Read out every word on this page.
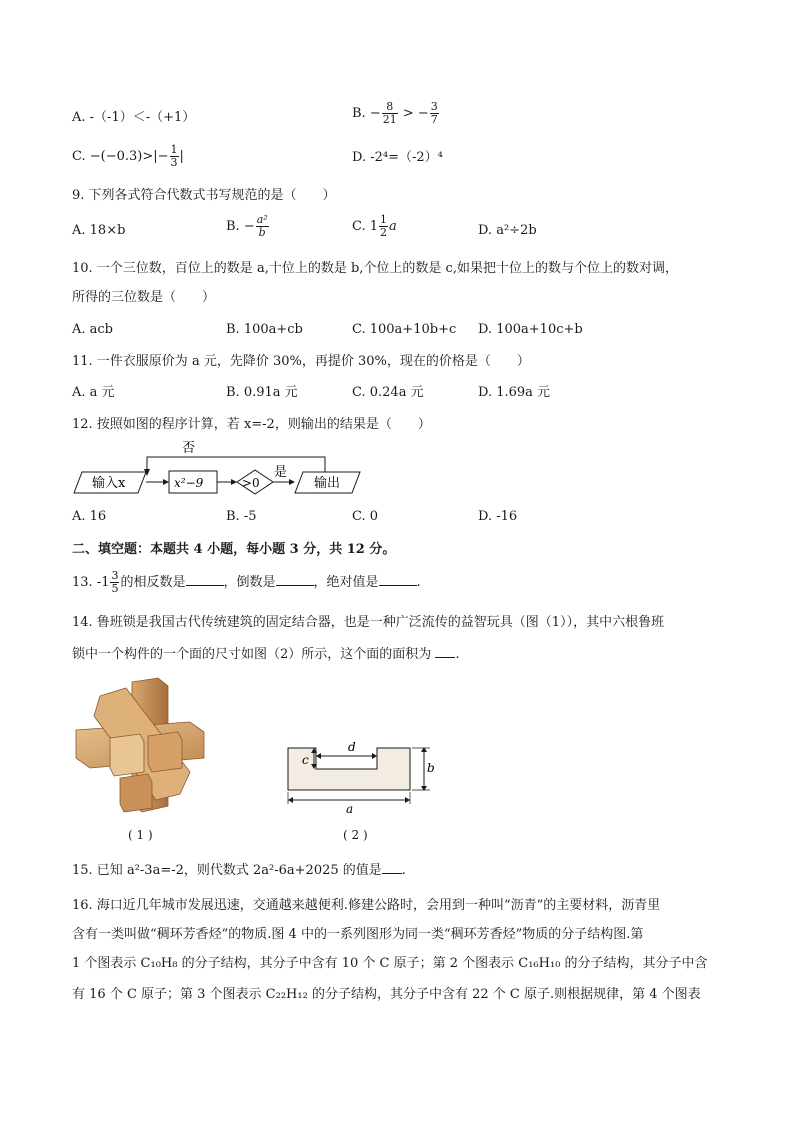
A. -（-1）＜-（+1）	B. − $\frac{8}{21}$ > − $\frac{3}{7}$
C. $-(-0.3)>|- \frac{1}{3}$ |	D. -2⁴=（-2）⁴
9. 下列各式符合代数式书写规范的是（　　）
A. 18×b	B. − $\frac{\text{a²}}{b}$	C. $1 \frac{1}{2}$ a	D. a²÷2b
10. 一个三位数，百位上的数是 a,十位上的数是 b,个位上的数是 c,如果把十位上的数与个位上的数对调，
所得的三位数是（　　）
A. acb	B. 100a+cb	C. 100a+10b+c D. 100a+10c+b
11. 一件衣服原价为 a 元，先降价 30%，再提价 30%，现在的价格是（　　）
A. a 元	B. 0.91a 元	C. 0.24a 元	D. 1.69a 元
12. 按照如图的程序计算，若 x=-2，则输出的结果是（　　）
否
输入x	x²−9	>0
是
输出
A. 16	B. -5	C. 0	D. -16
二、填空题：本题共 4 小题，每小题 3 分，共 12 分。
13. $-1 \frac{3}{5}$ 的相反数是	，倒数是	，绝对值是	.
14. 鲁班锁是我国古代传统建筑的固定结合器，也是一种广泛流传的益智玩具（图（1）），其中六根鲁班
锁中一个构件的一个面的尺寸如图（2）所示，这个面的面积为 .
c
d
b
a
( 1 )	( 2 )
15. 已知 a²-3a=-2，则代数式 2a²-6a+2025 的值是 .
16. 海口近几年城市发展迅速，交通越来越便利.修建公路时，会用到一种叫“沥青”的主要材料，沥青里
含有一类叫做“稠环芳香烃”的物质.图 4 中的一系列图形为同一类“稠环芳香烃”物质的分子结构图.第
1 个图表示 C₁₀H₈ 的分子结构，其分子中含有 10 个 C 原子；第 2 个图表示 C₁₆H₁₀ 的分子结构，其分子中含
有 16 个 C 原子；第 3 个图表示 C₂₂H₁₂ 的分子结构，其分子中含有 22 个 C 原子.则根据规律，第 4 个图表
